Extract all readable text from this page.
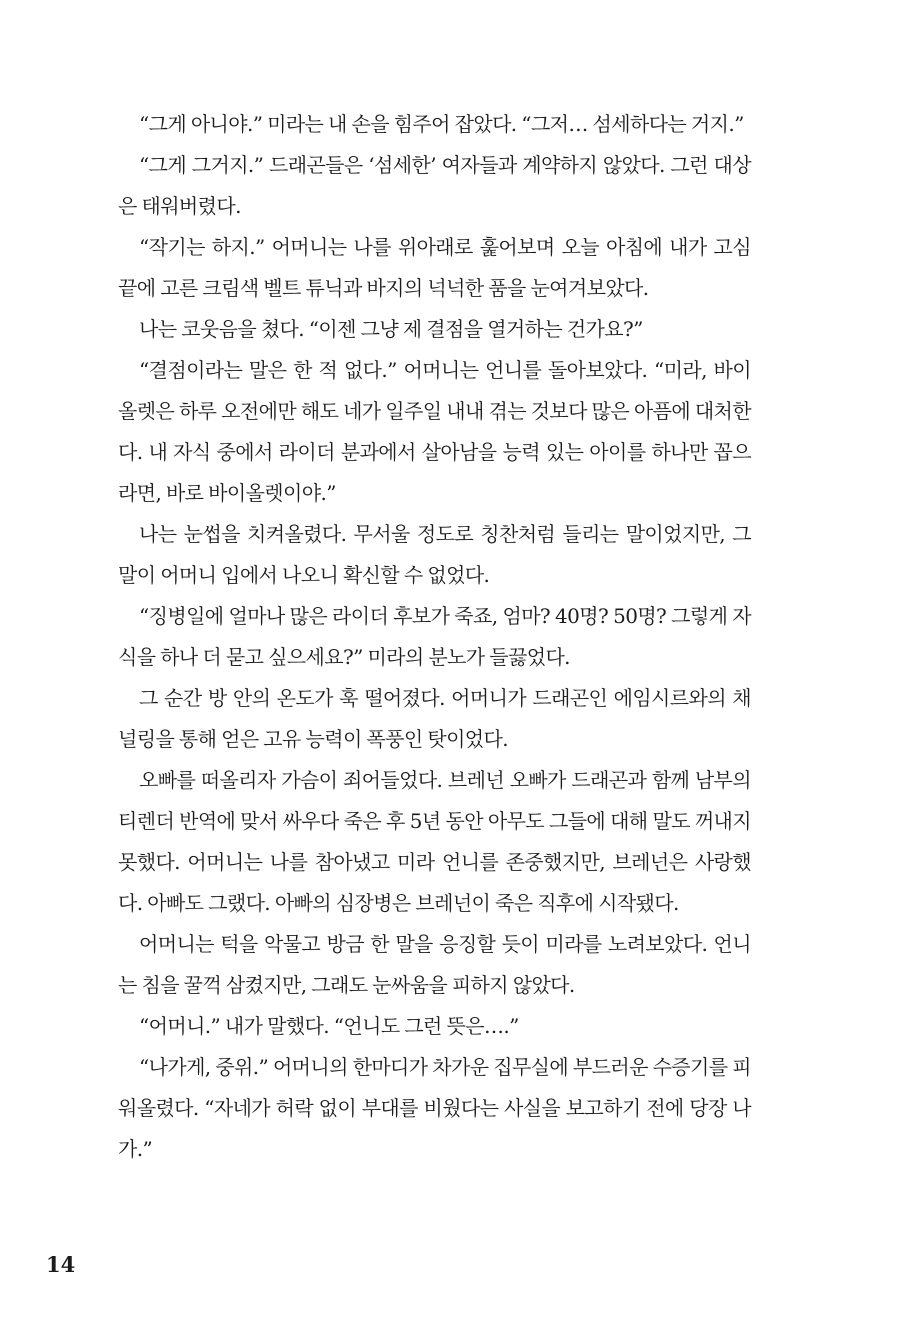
“그게 아니야.” 미라는 내 손을 힘주어 잡았다. “그저… 섬세하다는 거지.”

“그게 그거지.” 드래곤들은 ‘섬세한’ 여자들과 계약하지 않았다. 그런 대상은 태워버렸다.

“작기는 하지.” 어머니는 나를 위아래로 훑어보며 오늘 아침에 내가 고심 끝에 고른 크림색 벨트 튜닉과 바지의 넉넉한 품을 눈여겨보았다.

나는 코웃음을 쳤다. “이젠 그냥 제 결점을 열거하는 건가요?”

“결점이라는 말은 한 적 없다.” 어머니는 언니를 돌아보았다. “미라, 바이올렛은 하루 오전에만 해도 네가 일주일 내내 겪는 것보다 많은 아픔에 대처한다. 내 자식 중에서 라이더 분과에서 살아남을 능력 있는 아이를 하나만 꼽으라면, 바로 바이올렛이야.”

나는 눈썹을 치켜올렸다. 무서울 정도로 칭찬처럼 들리는 말이었지만, 그 말이 어머니 입에서 나오니 확신할 수 없었다.

“징병일에 얼마나 많은 라이더 후보가 죽죠, 엄마? 40명? 50명? 그렇게 자식을 하나 더 묻고 싶으세요?” 미라의 분노가 들끓었다.

그 순간 방 안의 온도가 훅 떨어졌다. 어머니가 드래곤인 에임시르와의 채널링을 통해 얻은 고유 능력이 폭풍인 탓이었다.

오빠를 떠올리자 가슴이 죄어들었다. 브레넌 오빠가 드래곤과 함께 남부의 티렌더 반역에 맞서 싸우다 죽은 후 5년 동안 아무도 그들에 대해 말도 꺼내지 못했다. 어머니는 나를 참아냈고 미라 언니를 존중했지만, 브레넌은 사랑했다. 아빠도 그랬다. 아빠의 심장병은 브레넌이 죽은 직후에 시작됐다.

어머니는 턱을 악물고 방금 한 말을 응징할 듯이 미라를 노려보았다. 언니는 침을 꿀꺽 삼켰지만, 그래도 눈싸움을 피하지 않았다.

“어머니.” 내가 말했다. “언니도 그런 뜻은….”

“나가게, 중위.” 어머니의 한마디가 차가운 집무실에 부드러운 수증기를 피워올렸다. “자네가 허락 없이 부대를 비웠다는 사실을 보고하기 전에 당장 나가.”

14
